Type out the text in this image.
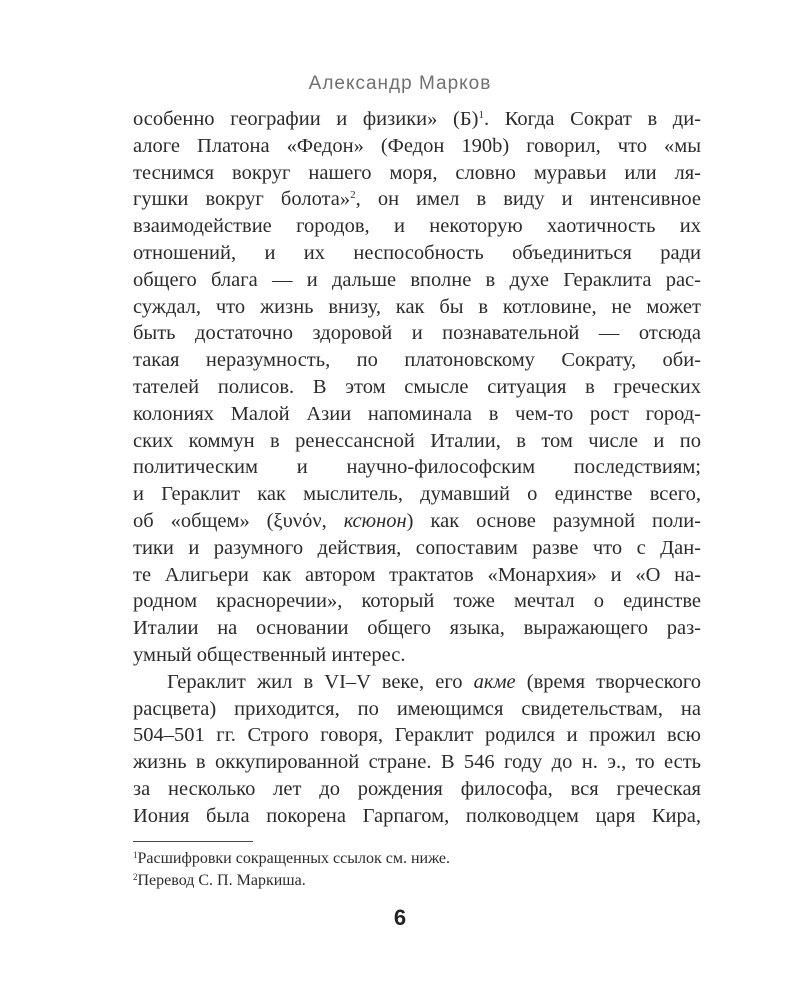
Александр Марков
особенно географии и физики» $(Б)^1$. Когда Сократ в ди-
алоге Платона «Федон» (Федон 190b) говорил, что «мы
теснимся вокруг нашего моря, словно муравьи или ля-
гушки вокруг болота»$^2$, он имел в виду и интенсивное
взаимодействие городов, и некоторую хаотичность их
отношений, и их неспособность объединиться ради
общего блага — и дальше вполне в духе Гераклита рас-
суждал, что жизнь внизу, как бы в котловине, не может
быть достаточно здоровой и познавательной — отсюда
такая неразумность, по платоновскому Сократу, оби-
тателей полисов. В этом смысле ситуация в греческих
колониях Малой Азии напоминала в чем-то рост город-
ских коммун в ренессансной Италии, в том числе и по
политическим и научно-философским последствиям;
и Гераклит как мыслитель, думавший о единстве всего,
об «общем» (ξυνόν, ксюнон) как основе разумной поли-
тики и разумного действия, сопоставим разве что с Дан-
те Алигьери как автором трактатов «Монархия» и «О на-
родном красноречии», который тоже мечтал о единстве
Италии на основании общего языка, выражающего раз-
умный общественный интерес.
Гераклит жил в VI–V веке, его акме (время творческого
расцвета) приходится, по имеющимся свидетельствам, на
504–501 гг. Строго говоря, Гераклит родился и прожил всю
жизнь в оккупированной стране. В 546 году до н. э., то есть
за несколько лет до рождения философа, вся греческая
Иония была покорена Гарпагом, полководцем царя Кира,
$^1$Расшифровки сокращенных ссылок см. ниже.
$^2$Перевод С. П. Маркиша.
6
